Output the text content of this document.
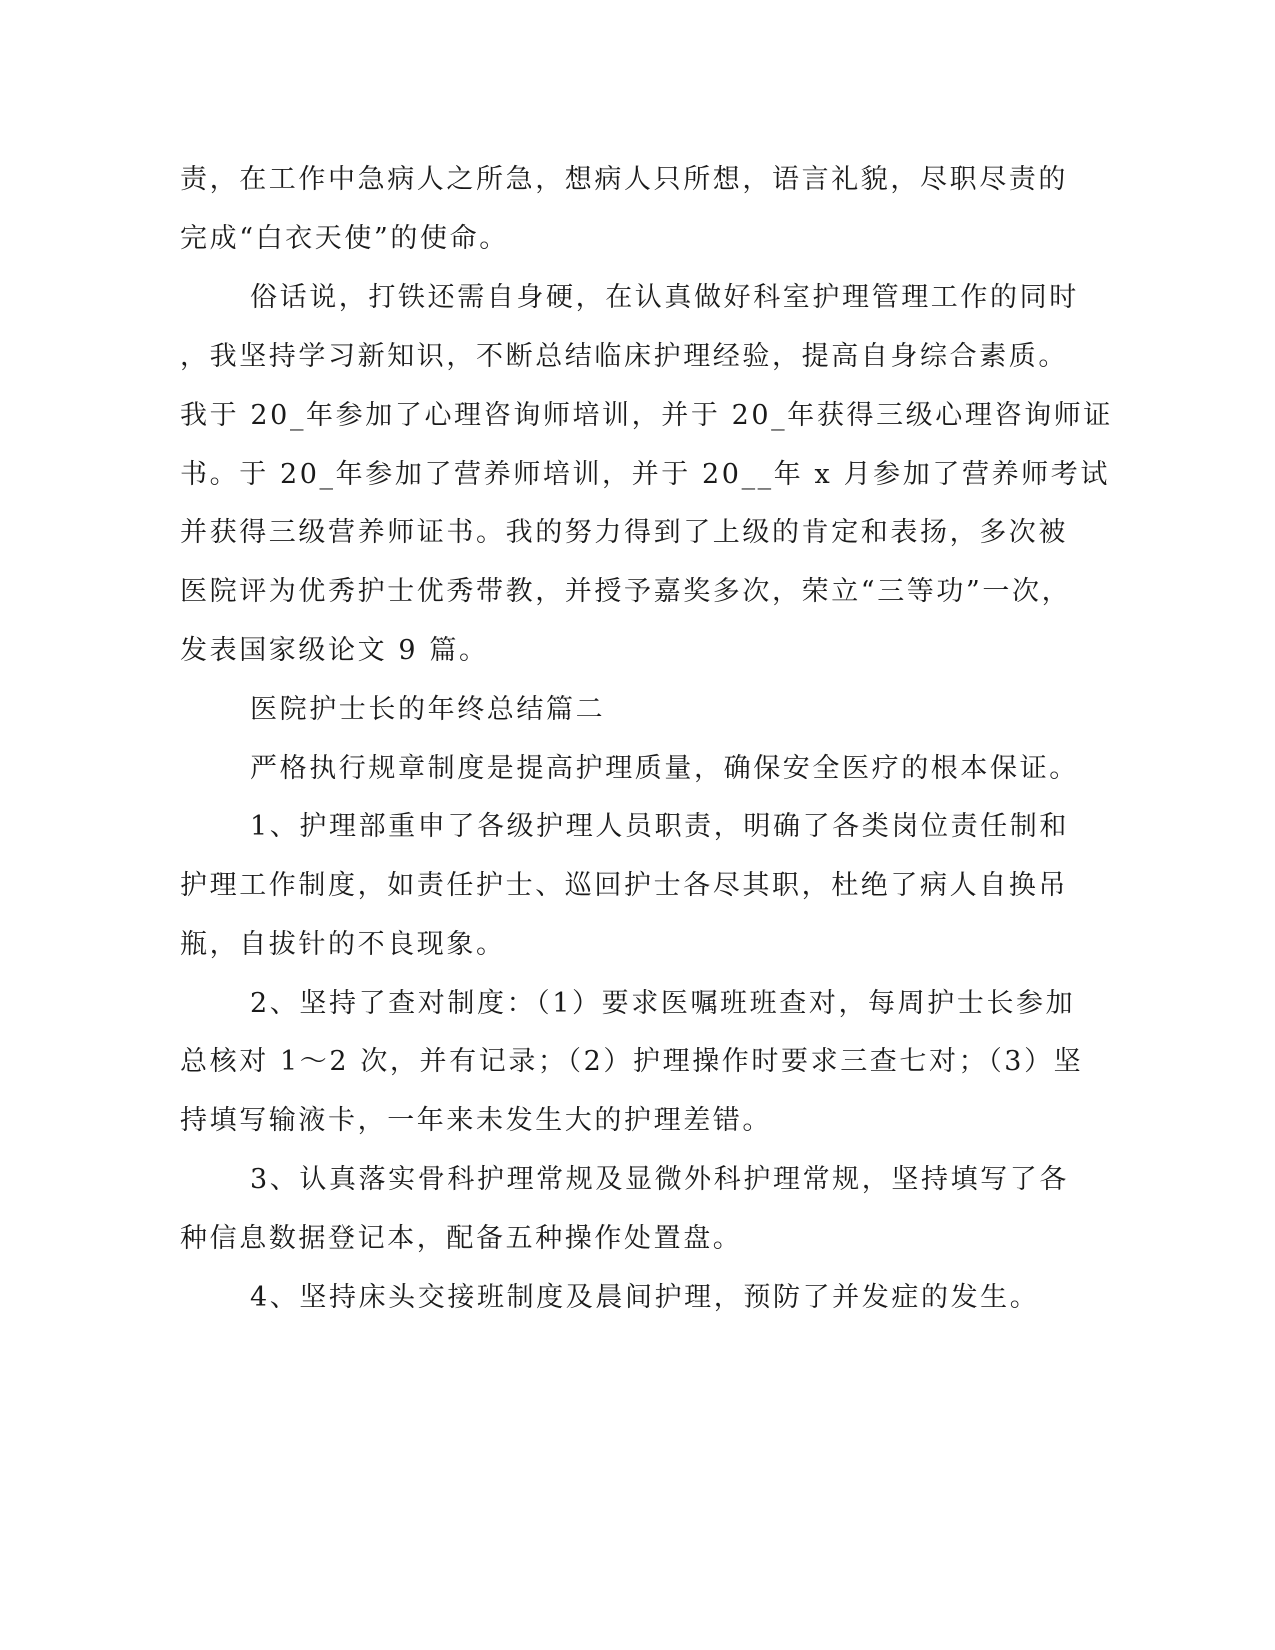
责，在工作中急病人之所急，想病人只所想，语言礼貌，尽职尽责的
完成“白衣天使”的使命。
俗话说，打铁还需自身硬，在认真做好科室护理管理工作的同时
，我坚持学习新知识，不断总结临床护理经验，提高自身综合素质。
我于 20_年参加了心理咨询师培训，并于 20_年获得三级心理咨询师证
书。于 20_年参加了营养师培训，并于 20__年 x 月参加了营养师考试
并获得三级营养师证书。我的努力得到了上级的肯定和表扬，多次被
医院评为优秀护士优秀带教，并授予嘉奖多次，荣立“三等功”一次，
发表国家级论文 9 篇。
医院护士长的年终总结篇二
严格执行规章制度是提高护理质量，确保安全医疗的根本保证。
1、护理部重申了各级护理人员职责，明确了各类岗位责任制和
护理工作制度，如责任护士、巡回护士各尽其职，杜绝了病人自换吊
瓶，自拔针的不良现象。
2、坚持了查对制度：（1）要求医嘱班班查对，每周护士长参加
总核对 1～2 次，并有记录；（2）护理操作时要求三查七对；（3）坚
持填写输液卡，一年来未发生大的护理差错。
3、认真落实骨科护理常规及显微外科护理常规，坚持填写了各
种信息数据登记本，配备五种操作处置盘。
4、坚持床头交接班制度及晨间护理，预防了并发症的发生。
